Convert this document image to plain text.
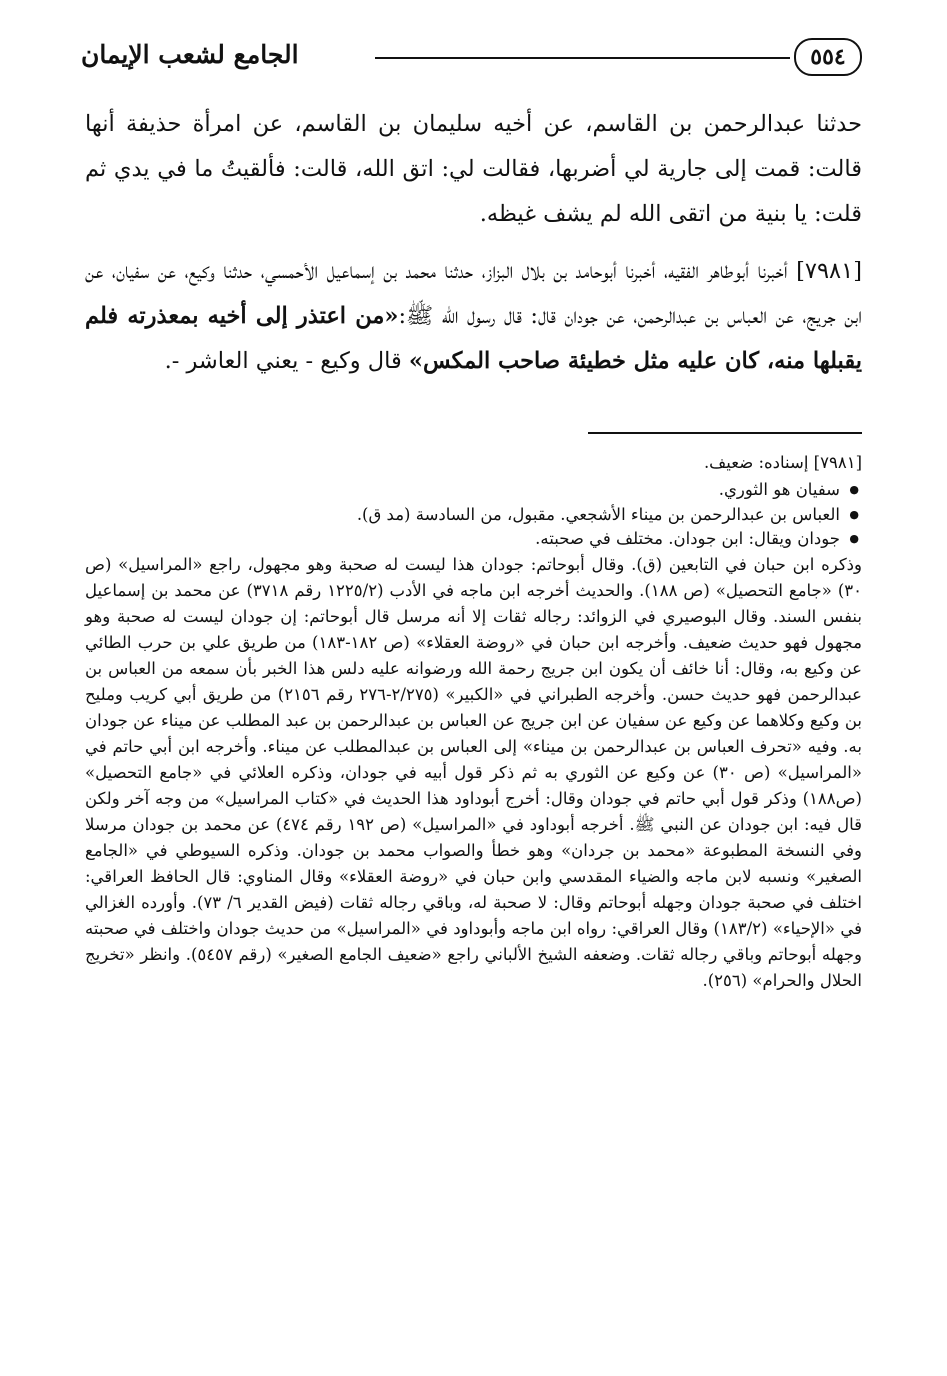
٥٥٤
الجامع لشعب الإيمان

حدثنا عبدالرحمن بن القاسم، عن أخيه سليمان بن القاسم، عن امرأة حذيفة أنها قالت: قمت إلى جارية لي أضربها، فقالت لي: اتق الله، قالت: فألقيتُ ما في يدي ثم قلت: يا بنية من اتقى الله لم يشف غيظه.

[٧٩٨١] أخبرنا أبوطاهر الفقيه، أخبرنا أبوحامد بن بلال البزاز، حدثنا محمد بن إسماعيل الأحمسي، حدثنا وكيع، عن سفيان، عن ابن جريج، عن العباس بن عبدالرحمن، عن جودان قال: قال رسول الله ﷺ:«من اعتذر إلى أخيه بمعذرته فلم يقبلها منه، كان عليه مثل خطيئة صاحب المكس» قال وكيع - يعني العاشر -.

[٧٩٨١] إسناده: ضعيف.

● سفيان هو الثوري.
● العباس بن عبدالرحمن بن ميناء الأشجعي. مقبول، من السادسة (مد ق).
● جودان ويقال: ابن جودان. مختلف في صحبته.

وذكره ابن حبان في التابعين (ق). وقال أبوحاتم: جودان هذا ليست له صحبة وهو مجهول، راجع «المراسيل» (ص ٣٠) «جامع التحصيل» (ص ١٨٨). والحديث أخرجه ابن ماجه في الأدب (١٢٢٥/٢ رقم ٣٧١٨) عن محمد بن إسماعيل بنفس السند. وقال البوصيري في الزوائد: رجاله ثقات إلا أنه مرسل قال أبوحاتم: إن جودان ليست له صحبة وهو مجهول فهو حديث ضعيف. وأخرجه ابن حبان في «روضة العقلاء» (ص ١٨٢-١٨٣) من طريق علي بن حرب الطائي عن وكيع به، وقال: أنا خائف أن يكون ابن جريج رحمة الله ورضوانه عليه دلس هذا الخبر بأن سمعه من العباس بن عبدالرحمن فهو حديث حسن. وأخرجه الطبراني في «الكبير» (٢/٢٧٥-٢٧٦ رقم ٢١٥٦) من طريق أبي كريب ومليح بن وكيع وكلاهما عن وكيع عن سفيان عن ابن جريج عن العباس بن عبدالرحمن بن عبد المطلب عن ميناء عن جودان به. وفيه «تحرف العباس بن عبدالرحمن بن ميناء» إلى العباس بن عبدالمطلب عن ميناء. وأخرجه ابن أبي حاتم في «المراسيل» (ص ٣٠) عن وكيع عن الثوري به ثم ذكر قول أبيه في جودان، وذكره العلائي في «جامع التحصيل» (ص١٨٨) وذكر قول أبي حاتم في جودان وقال: أخرج أبوداود هذا الحديث في «كتاب المراسيل» من وجه آخر ولكن قال فيه: ابن جودان عن النبي ﷺ. أخرجه أبوداود في «المراسيل» (ص ١٩٢ رقم ٤٧٤) عن محمد بن جودان مرسلا وفي النسخة المطبوعة «محمد بن جردان» وهو خطأ والصواب محمد بن جودان. وذكره السيوطي في «الجامع الصغير» ونسبه لابن ماجه والضياء المقدسي وابن حبان في «روضة العقلاء» وقال المناوي: قال الحافظ العراقي: اختلف في صحبة جودان وجهله أبوحاتم وقال: لا صحبة له، وباقي رجاله ثقات (فيض القدير ٦/ ٧٣). وأورده الغزالي في «الإحياء» (١٨٣/٢) وقال العراقي: رواه ابن ماجه وأبوداود في «المراسيل» من حديث جودان واختلف في صحبته وجهله أبوحاتم وباقي رجاله ثقات. وضعفه الشيخ الألباني راجع «ضعيف الجامع الصغير» (رقم ٥٤٥٧). وانظر «تخريج الحلال والحرام» (٢٥٦).
